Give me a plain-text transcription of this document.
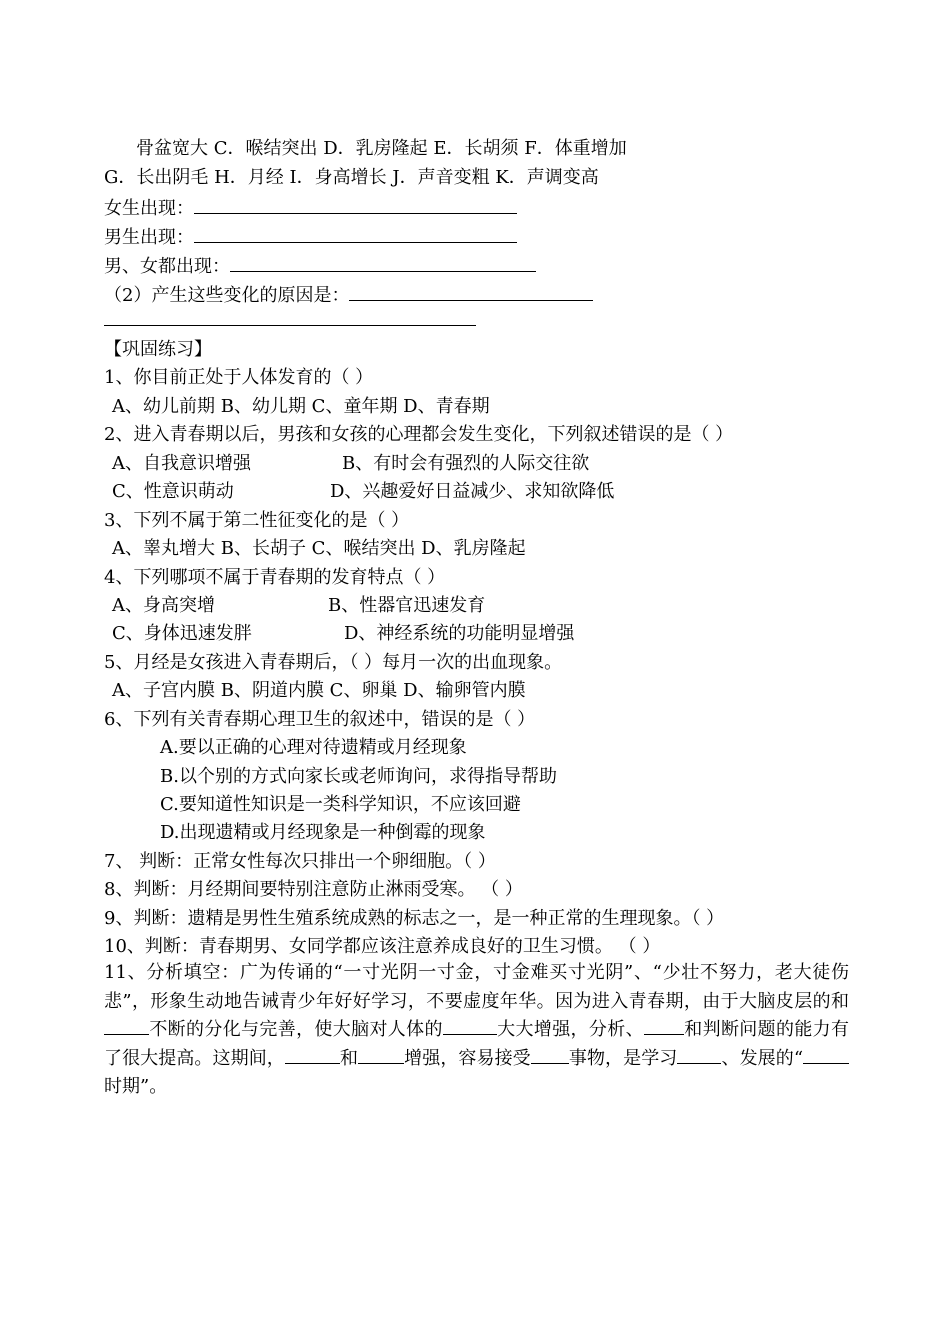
骨盆宽大 C．喉结突出 D．乳房隆起 E．长胡须 F．体重增加
G．长出阴毛 H．月经 I．身高增长 J．声音变粗 K．声调变高
女生出现：
男生出现：
男、女都出现：
（2）产生这些变化的原因是：
【巩固练习】
1、你目前正处于人体发育的（ ）
A、幼儿前期 B、幼儿期 C、童年期 D、青春期
2、进入青春期以后，男孩和女孩的心理都会发生变化，下列叙述错误的是（ ）
A、自我意识增强	B、有时会有强烈的人际交往欲
C、性意识萌动	D、兴趣爱好日益减少、求知欲降低
3、下列不属于第二性征变化的是（ ）
A、睾丸增大 B、长胡子 C、喉结突出 D、乳房隆起
4、下列哪项不属于青春期的发育特点（ ）
A、身高突增	B、性器官迅速发育
C、身体迅速发胖	D、神经系统的功能明显增强
5、月经是女孩进入青春期后，（ ）每月一次的出血现象。
A、子宫内膜 B、阴道内膜 C、卵巢 D、输卵管内膜
6、下列有关青春期心理卫生的叙述中，错误的是（ ）
A.要以正确的心理对待遗精或月经现象
B.以个别的方式向家长或老师询问，求得指导帮助
C.要知道性知识是一类科学知识，不应该回避
D.出现遗精或月经现象是一种倒霉的现象
7、 判断：正常女性每次只排出一个卵细胞。（ ）
8、判断：月经期间要特别注意防止淋雨受寒。 （ ）
9、判断：遗精是男性生殖系统成熟的标志之一，是一种正常的生理现象。（ ）
10、判断：青春期男、女同学都应该注意养成良好的卫生习惯。 （ ）
11、分析填空：广为传诵的“一寸光阴一寸金，寸金难买寸光阴”、“少壮不努力，老大徒伤悲”，形象生动地告诫青少年好好学习，不要虚度年华。因为进入青春期，由于大脑皮层的和不断的分化与完善，使大脑对人体的	大大增强，分析、 和判断问题的能力有了很大提高。这期间，	和	增强，容易接受 事物，是学习 、发展的“时期”。
